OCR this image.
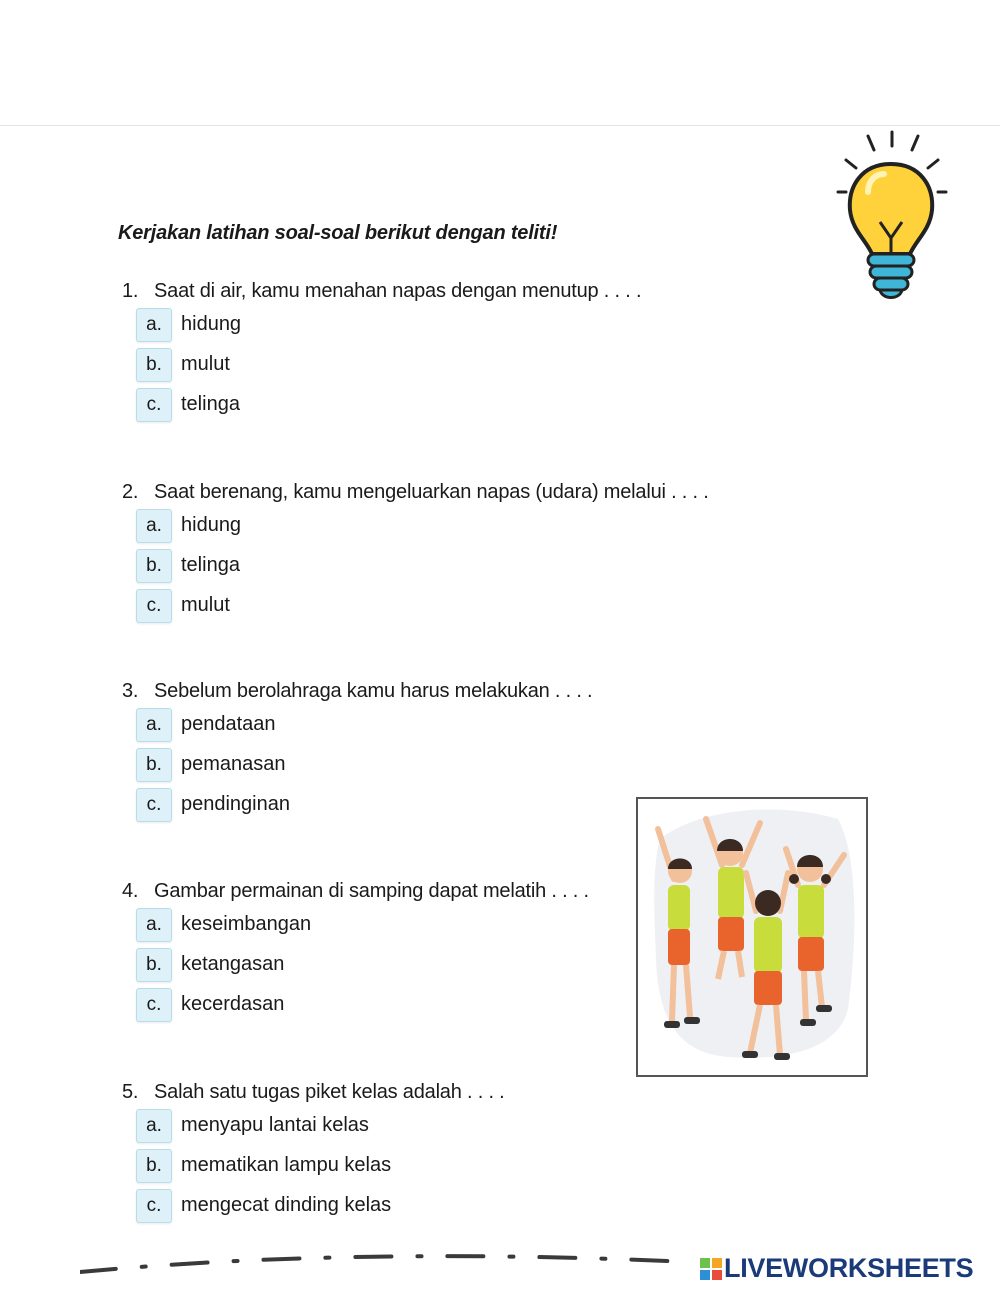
Kerjakan latihan soal-soal berikut dengan teliti!
1. Saat di air, kamu menahan napas dengan menutup . . . .
a. hidung
b. mulut
c. telinga
2. Saat berenang, kamu mengeluarkan napas (udara) melalui . . . .
a. hidung
b. telinga
c. mulut
3. Sebelum berolahraga kamu harus melakukan . . . .
a. pendataan
b. pemanasan
c. pendinginan
4. Gambar permainan di samping dapat melatih . . . .
a. keseimbangan
b. ketangasan
c. kecerdasan
5. Salah satu tugas piket kelas adalah . . . .
a. menyapu lantai kelas
b. mematikan lampu kelas
c. mengecat dinding kelas
LIVEWORKSHEETS
